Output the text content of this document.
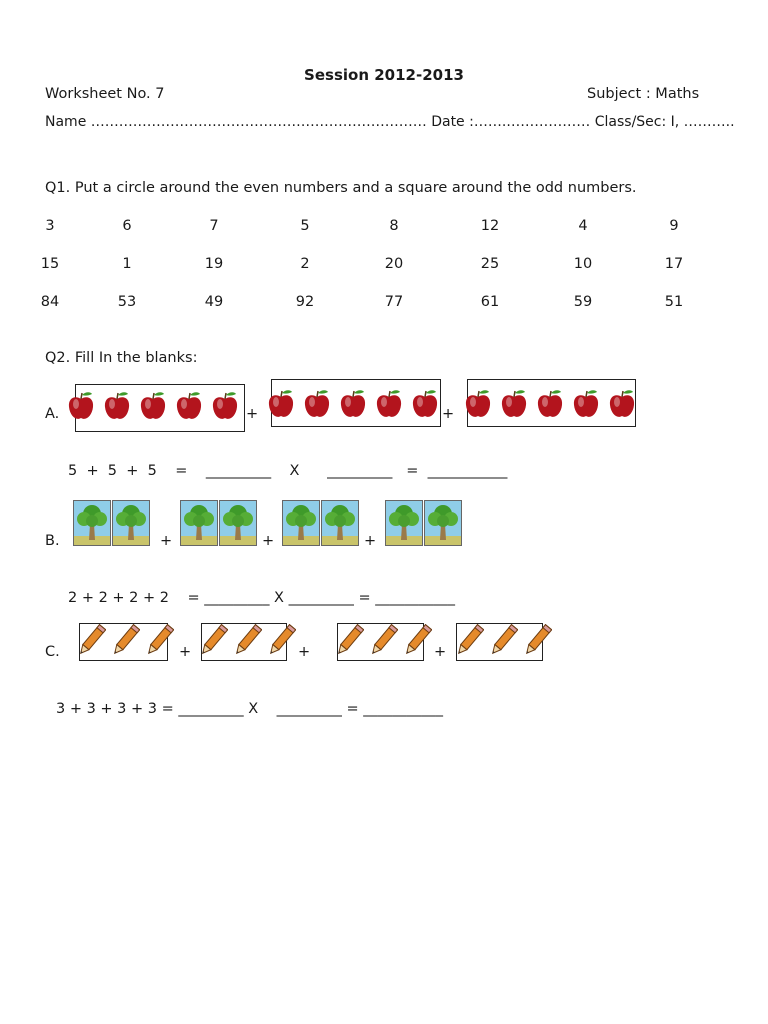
Session 2012-2013
Worksheet No. 7	Subject : Maths
Name ……………………………………………………………… Date :…….……………… Class/Sec: I, ………..
Q1. Put a circle around the even numbers and a square around the odd numbers.
3	6	7	5	8	12	4	9
15	1	19	2	20	25	10	17
84	53	49	92	77	61	59	51
Q2. Fill In the blanks:
A.	+	+
5  +  5  +  5    =    _________    X      _________   =  ___________
B.	+	+	+
2 + 2 + 2 + 2    = _________ X _________ = ___________
C.	+	+	+
3 + 3 + 3 + 3 = _________ X    _________ = ___________
